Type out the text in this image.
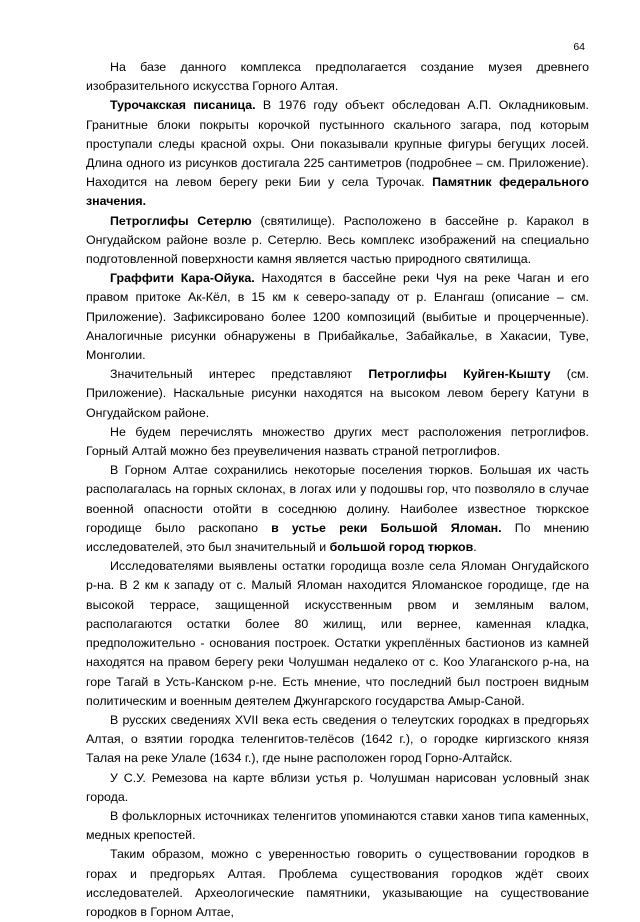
64

На базе данного комплекса предполагается создание музея древнего изобразительного искусства Горного Алтая.

Турочакская писаница. В 1976 году объект обследован А.П. Окладниковым. Гранитные блоки покрыты корочкой пустынного скального загара, под которым проступали следы красной охры. Они показывали крупные фигуры бегущих лосей. Длина одного из рисунков достигала 225 сантиметров (подробнее – см. Приложение). Находится на левом берегу реки Бии у села Турочак. Памятник федерального значения.

Петроглифы Сетерлю (святилище). Расположено в бассейне р. Каракол в Онгудайском районе возле р. Сетерлю. Весь комплекс изображений на специально подготовленной поверхности камня является частью природного святилища.

Граффити Кара-Ойука. Находятся в бассейне реки Чуя на реке Чаган и его правом притоке Ак-Кёл, в 15 км к северо-западу от р. Елангаш (описание – см. Приложение). Зафиксировано более 1200 композиций (выбитые и процерченные). Аналогичные рисунки обнаружены в Прибайкалье, Забайкалье, в Хакасии, Туве, Монголии.

Значительный интерес представляют Петроглифы Куйген-Кышту (см. Приложение). Наскальные рисунки находятся на высоком левом берегу Катуни в Онгудайском районе.

Не будем перечислять множество других мест расположения петроглифов. Горный Алтай можно без преувеличения назвать страной петроглифов.

В Горном Алтае сохранились некоторые поселения тюрков. Большая их часть располагалась на горных склонах, в логах или у подошвы гор, что позволяло в случае военной опасности отойти в соседнюю долину. Наиболее известное тюркское городище было раскопано в устье реки Большой Яломан. По мнению исследователей, это был значительный и большой город тюрков.

Исследователями выявлены остатки городища возле села Яломан Онгудайского р-на. В 2 км к западу от с. Малый Яломан находится Яломанское городище, где на высокой террасе, защищенной искусственным рвом и земляным валом, располагаются остатки более 80 жилищ, или вернее, каменная кладка, предположительно - основания построек. Остатки укреплённых бастионов из камней находятся на правом берегу реки Чолушман недалеко от с. Коо Улаганского р-на, на горе Тагай в Усть-Канском р-не. Есть мнение, что последний был построен видным политическим и военным деятелем Джунгарского государства Амыр-Саной.

В русских сведениях XVII века есть сведения о телеутских городках в предгорьях Алтая, о взятии городка теленгитов-телёсов (1642 г.), о городке киргизского князя Талая на реке Улале (1634 г.), где ныне расположен город Горно-Алтайск.

У С.У. Ремезова на карте вблизи устья р. Чолушман нарисован условный знак города.

В фольклорных источниках теленгитов упоминаются ставки ханов типа каменных, медных крепостей.

Таким образом, можно с уверенностью говорить о существовании городков в горах и предгорьях Алтая. Проблема существования городков ждёт своих исследователей. Археологические памятники, указывающие на существование городков в Горном Алтае,
